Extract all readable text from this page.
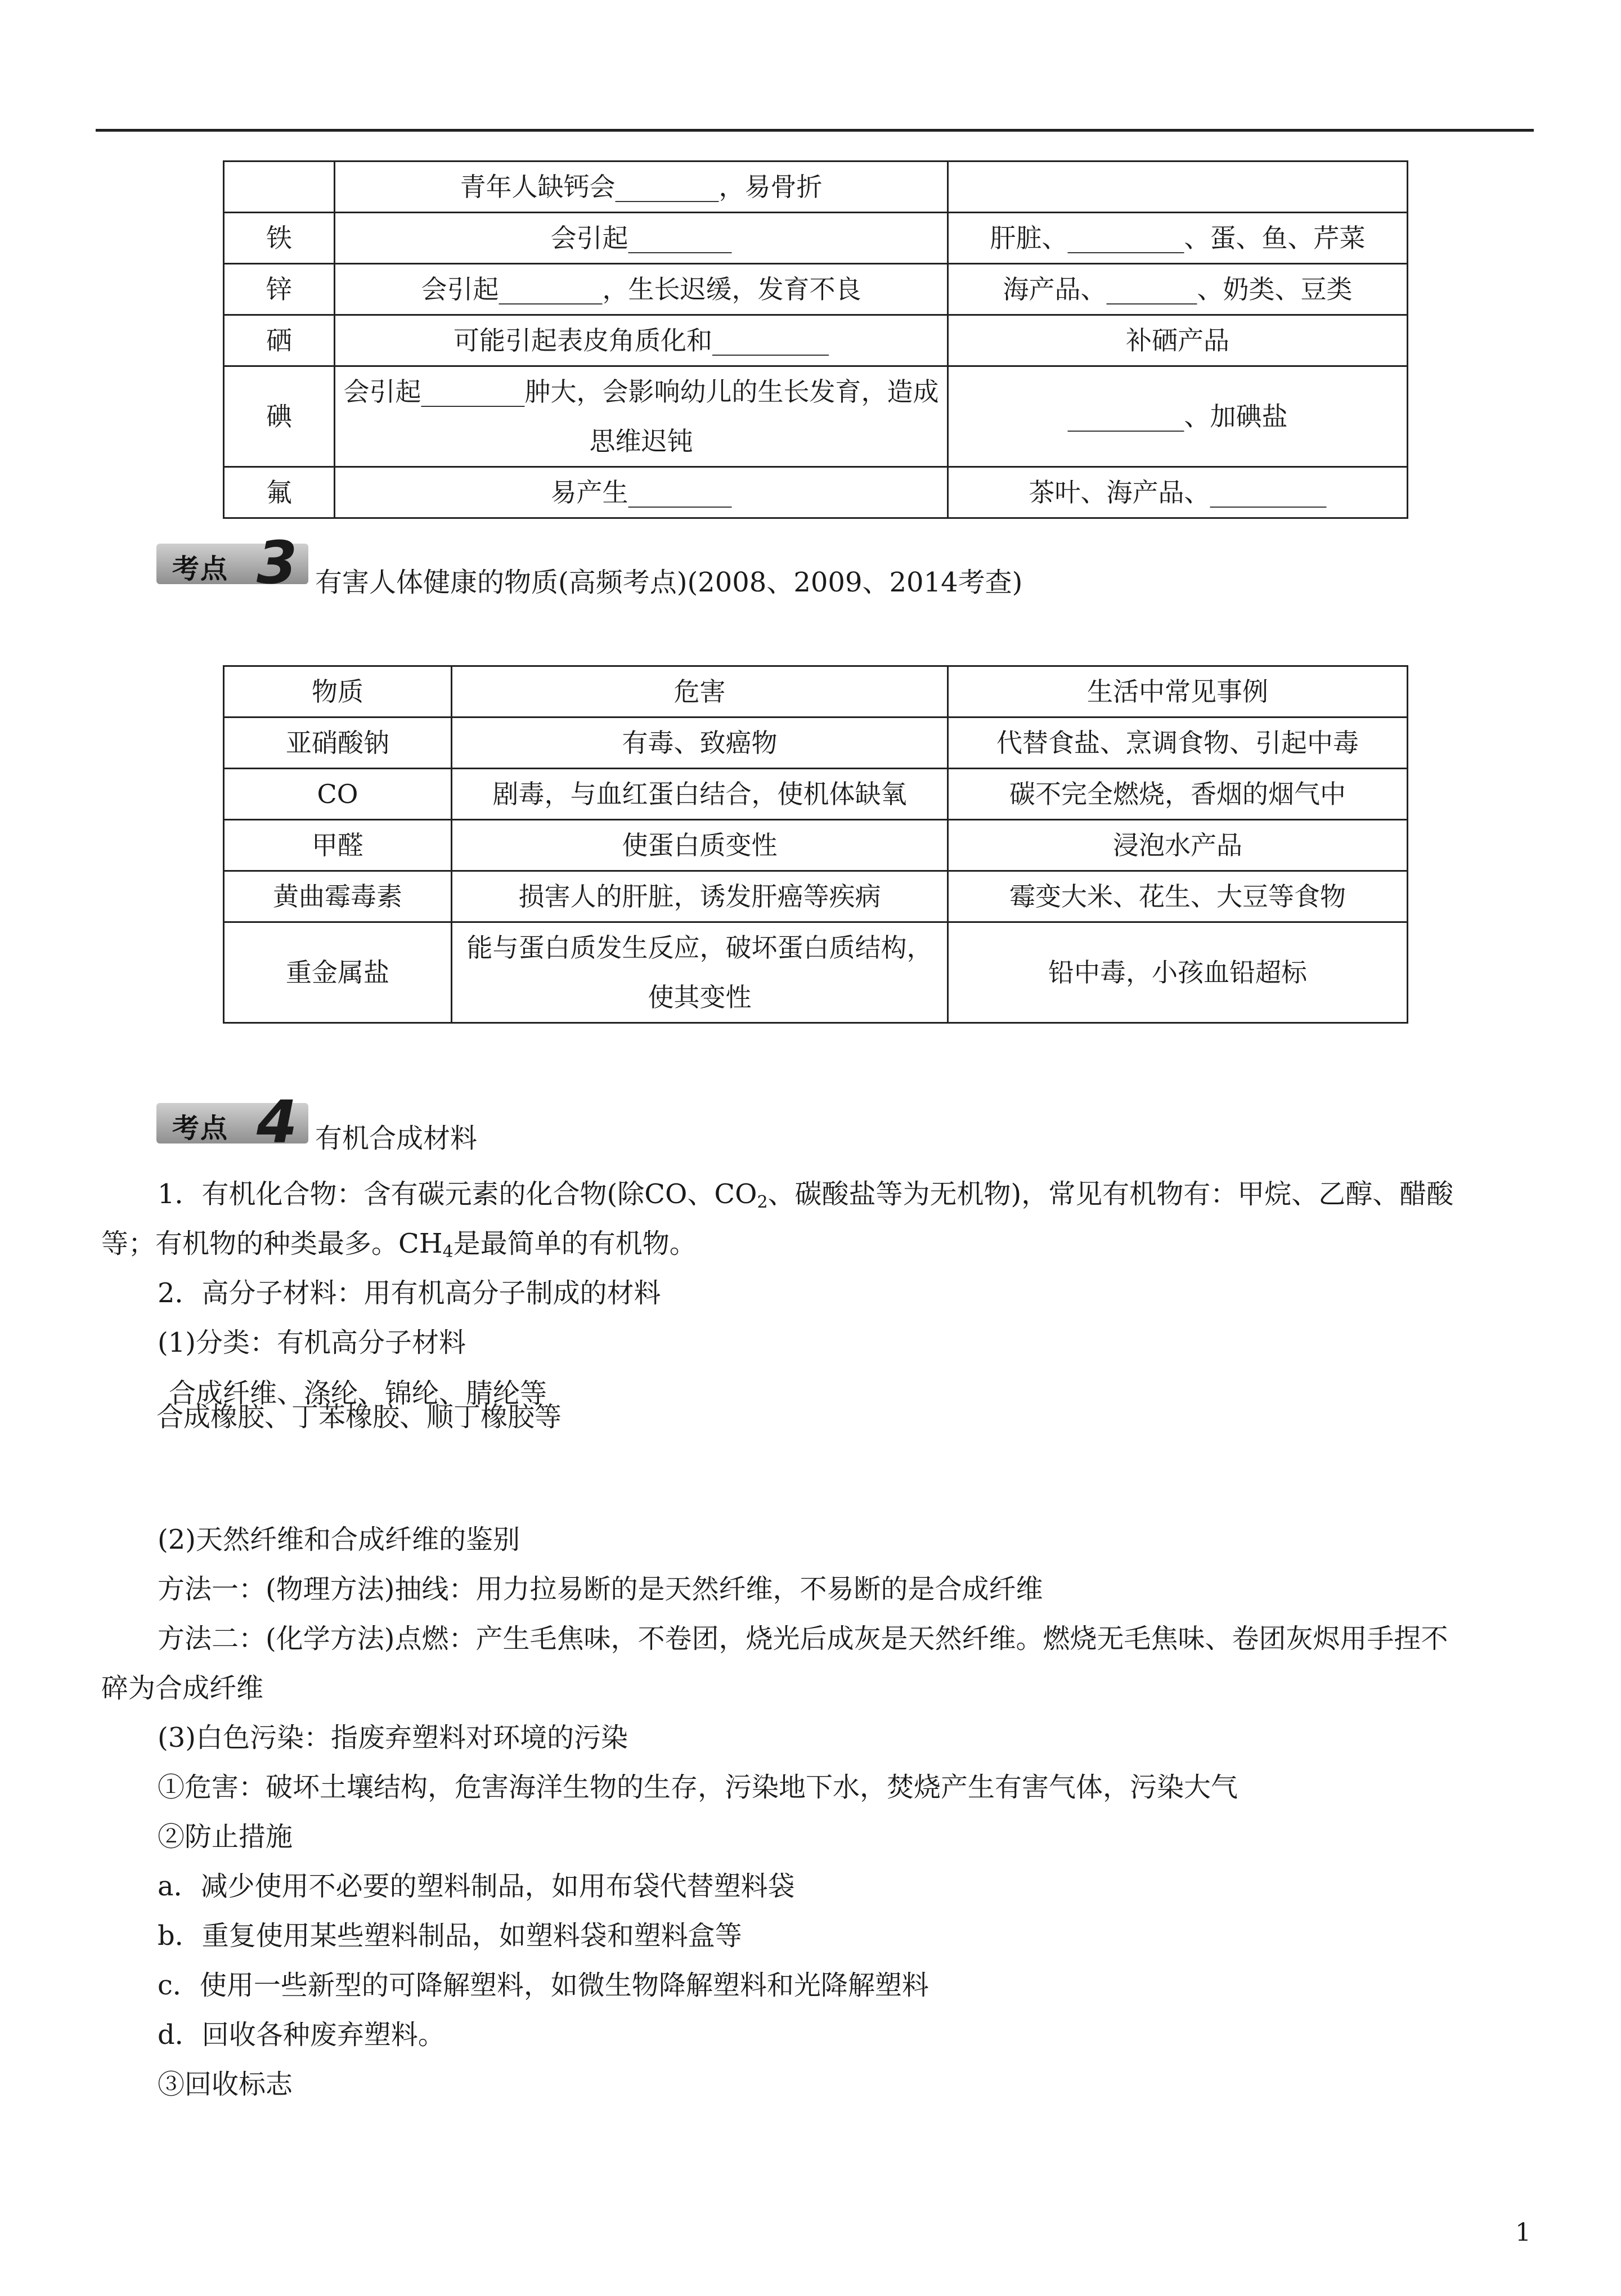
	青年人缺钙会________，易骨折	
铁	会引起________	肝脏、_________、蛋、鱼、芹菜
锌	会引起________，生长迟缓，发育不良	海产品、_______、奶类、豆类
硒	可能引起表皮角质化和_________	补硒产品
碘	会引起________肿大，会影响幼儿的生长发育，造成思维迟钝	_________、加碘盐
氟	易产生________	茶叶、海产品、_________
考点 3 有害人体健康的物质(高频考点)(2008、2009、2014考查)
物质	危害	生活中常见事例
亚硝酸钠	有毒、致癌物	代替食盐、烹调食物、引起中毒
CO	剧毒，与血红蛋白结合，使机体缺氧	碳不完全燃烧，香烟的烟气中
甲醛	使蛋白质变性	浸泡水产品
黄曲霉毒素	损害人的肝脏，诱发肝癌等疾病	霉变大米、花生、大豆等食物
重金属盐	能与蛋白质发生反应，破坏蛋白质结构，使其变性	铅中毒，小孩血铅超标
考点 4 有机合成材料
1．有机化合物：含有碳元素的化合物(除CO、$CO_2$、碳酸盐等为无机物)，常见有机物有：甲烷、乙醇、醋酸
等；有机物的种类最多。$CH_4$是最简单的有机物。
2．高分子材料：用有机高分子制成的材料
(1)分类：有机高分子材料
合成纤维、涤纶、锦纶、腈纶等
合成橡胶、丁苯橡胶、顺丁橡胶等
(2)天然纤维和合成纤维的鉴别
方法一：(物理方法)抽线：用力拉易断的是天然纤维，不易断的是合成纤维
方法二：(化学方法)点燃：产生毛焦味，不卷团，烧光后成灰是天然纤维。燃烧无毛焦味、卷团灰烬用手捏不
碎为合成纤维
(3)白色污染：指废弃塑料对环境的污染
①危害：破坏土壤结构，危害海洋生物的生存，污染地下水，焚烧产生有害气体，污染大气
②防止措施
a．减少使用不必要的塑料制品，如用布袋代替塑料袋
b．重复使用某些塑料制品，如塑料袋和塑料盒等
c．使用一些新型的可降解塑料，如微生物降解塑料和光降解塑料
d．回收各种废弃塑料。
③回收标志
1
